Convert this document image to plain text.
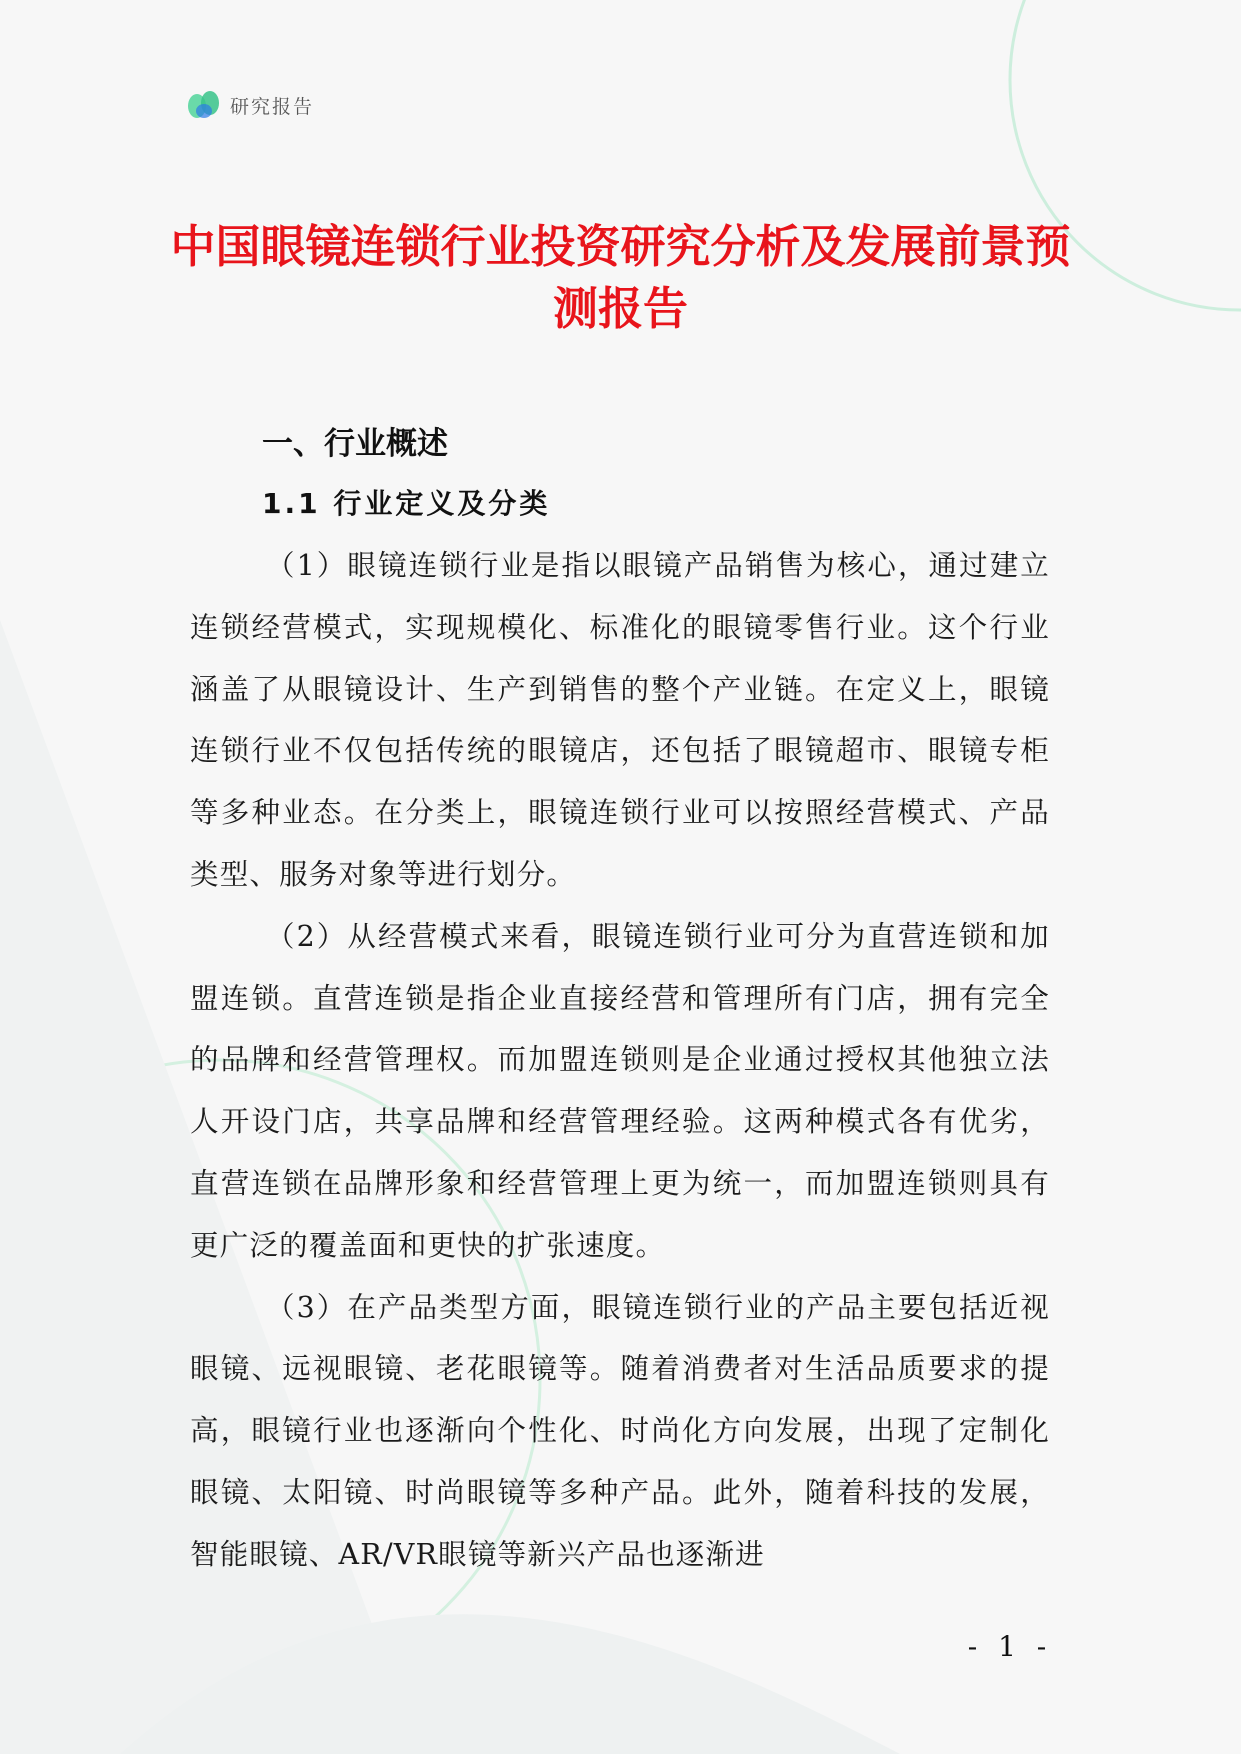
研究报告
中国眼镜连锁行业投资研究分析及发展前景预测报告
一、行业概述
1.1 行业定义及分类

（1）眼镜连锁行业是指以眼镜产品销售为核心，通过建立连锁经营模式，实现规模化、标准化的眼镜零售行业。这个行业涵盖了从眼镜设计、生产到销售的整个产业链。在定义上，眼镜连锁行业不仅包括传统的眼镜店，还包括了眼镜超市、眼镜专柜等多种业态。在分类上，眼镜连锁行业可以按照经营模式、产品类型、服务对象等进行划分。

（2）从经营模式来看，眼镜连锁行业可分为直营连锁和加盟连锁。直营连锁是指企业直接经营和管理所有门店，拥有完全的品牌和经营管理权。而加盟连锁则是企业通过授权其他独立法人开设门店，共享品牌和经营管理经验。这两种模式各有优劣，直营连锁在品牌形象和经营管理上更为统一，而加盟连锁则具有更广泛的覆盖面和更快的扩张速度。

（3）在产品类型方面，眼镜连锁行业的产品主要包括近视眼镜、远视眼镜、老花眼镜等。随着消费者对生活品质要求的提高，眼镜行业也逐渐向个性化、时尚化方向发展，出现了定制化眼镜、太阳镜、时尚眼镜等多种产品。此外，随着科技的发展，智能眼镜、AR/VR眼镜等新兴产品也逐渐进

- 1 -
